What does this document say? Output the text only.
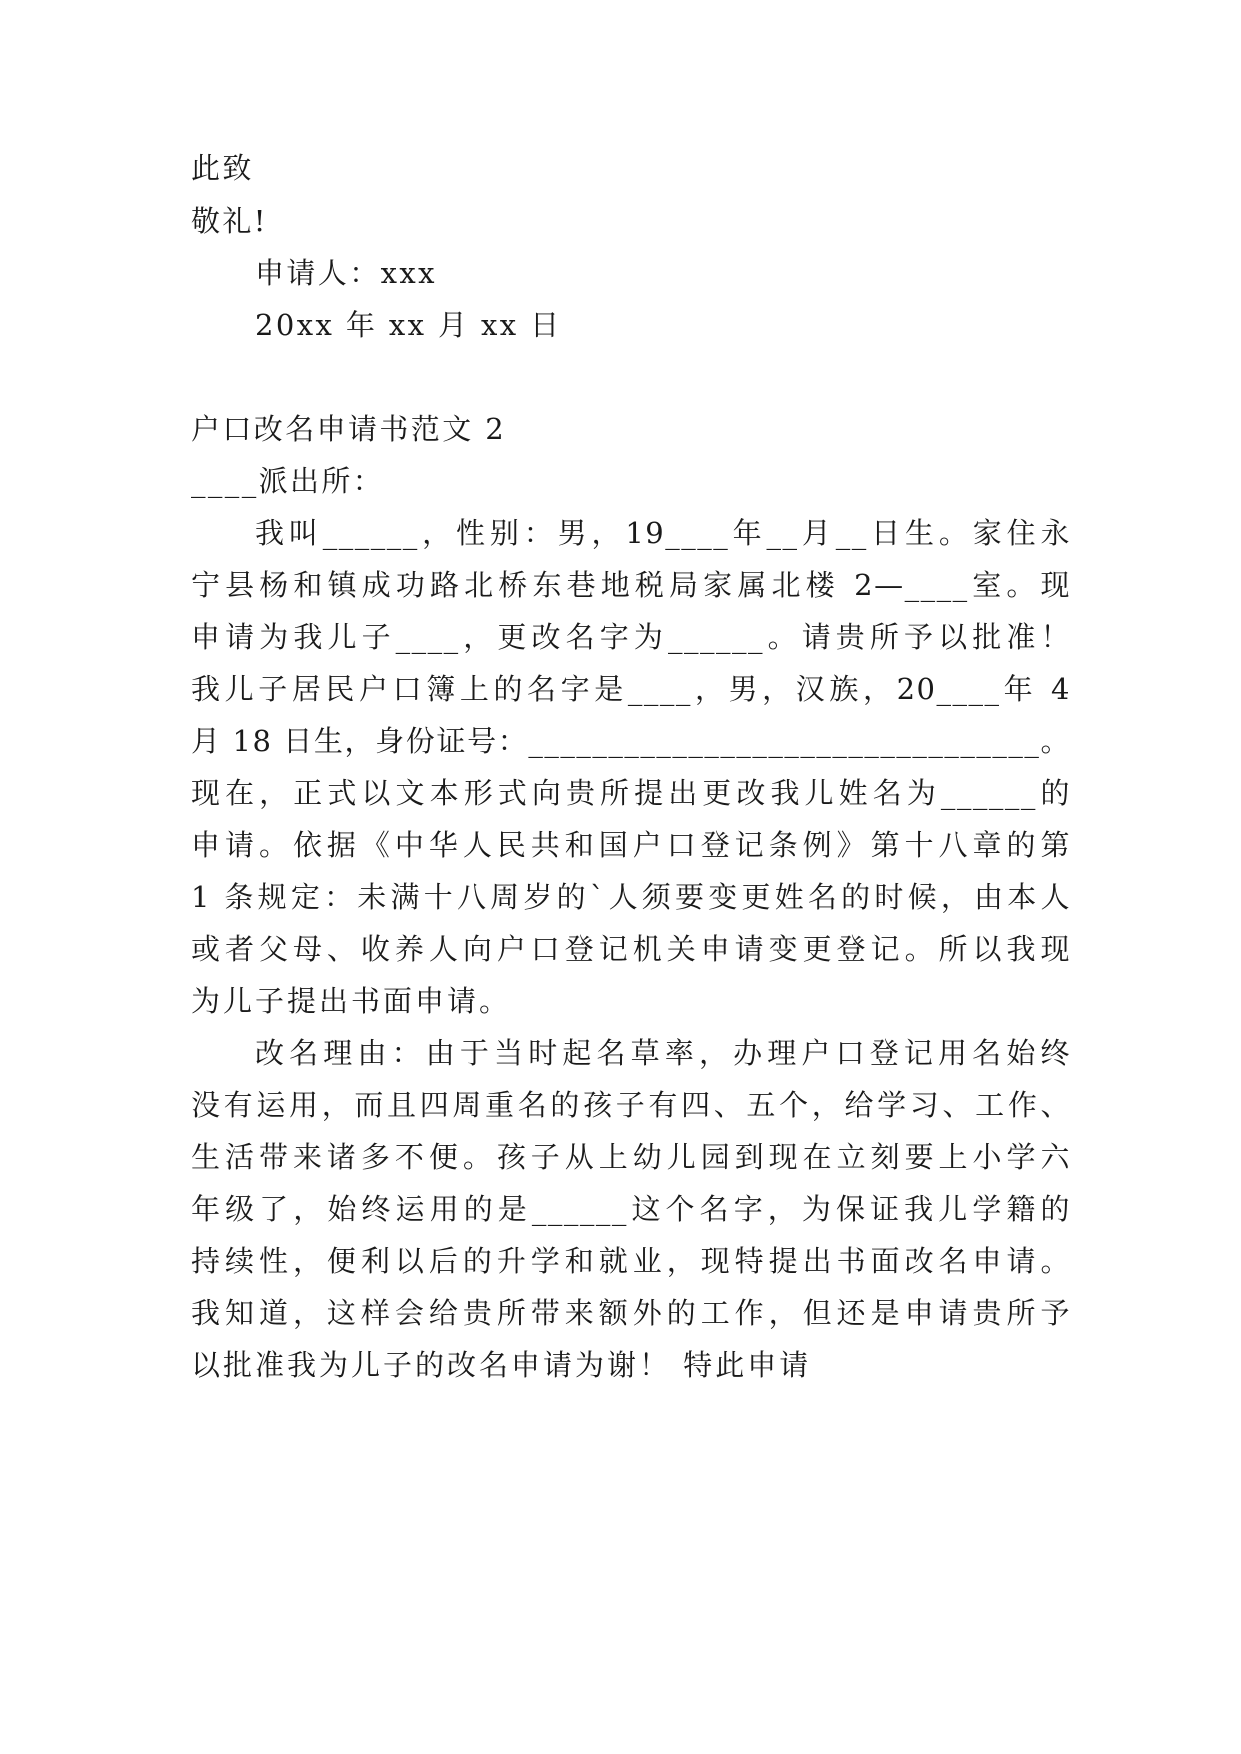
此致
敬礼!
申请人：xxx
20xx 年 xx 月 xx 日
户口改名申请书范文 2
____派出所：
我叫______，性别：男，19____年__月__日生。家住永
宁县杨和镇成功路北桥东巷地税局家属北楼 2—____室。现
申请为我儿子____，更改名字为______。请贵所予以批准！
我儿子居民户口簿上的名字是____，男，汉族，20____年 4
月 18 日生，身份证号：________________________________。
现在，正式以文本形式向贵所提出更改我儿姓名为______的
申请。依据《中华人民共和国户口登记条例》第十八章的第
1 条规定：未满十八周岁的`人须要变更姓名的时候，由本人
或者父母、收养人向户口登记机关申请变更登记。所以我现
为儿子提出书面申请。
改名理由：由于当时起名草率，办理户口登记用名始终
没有运用，而且四周重名的孩子有四、五个，给学习、工作、
生活带来诸多不便。孩子从上幼儿园到现在立刻要上小学六
年级了，始终运用的是______这个名字，为保证我儿学籍的
持续性，便利以后的升学和就业，现特提出书面改名申请。
我知道，这样会给贵所带来额外的工作，但还是申请贵所予
以批准我为儿子的改名申请为谢！ 特此申请
